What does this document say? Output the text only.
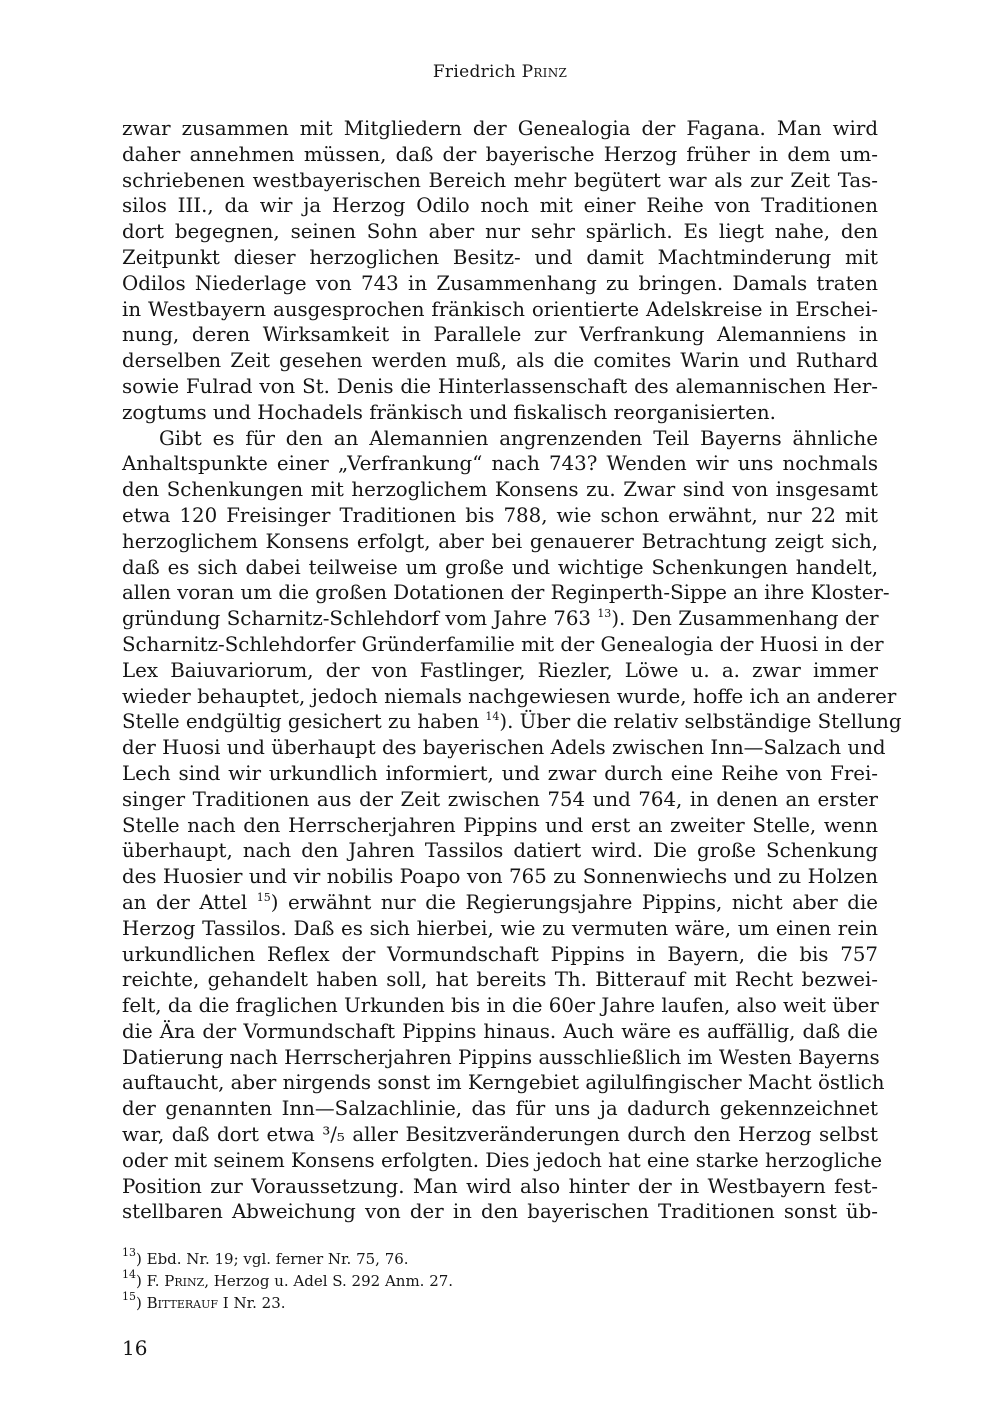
Friedrich Prinz
zwar zusammen mit Mitgliedern der Genealogia der Fagana. Man wird
daher annehmen müssen, daß der bayerische Herzog früher in dem um-
schriebenen westbayerischen Bereich mehr begütert war als zur Zeit Tas-
silos III., da wir ja Herzog Odilo noch mit einer Reihe von Traditionen
dort begegnen, seinen Sohn aber nur sehr spärlich. Es liegt nahe, den
Zeitpunkt dieser herzoglichen Besitz- und damit Machtminderung mit
Odilos Niederlage von 743 in Zusammenhang zu bringen. Damals traten
in Westbayern ausgesprochen fränkisch orientierte Adelskreise in Erschei-
nung, deren Wirksamkeit in Parallele zur Verfrankung Alemanniens in
derselben Zeit gesehen werden muß, als die comites Warin und Ruthard
sowie Fulrad von St. Denis die Hinterlassenschaft des alemannischen Her-
zogtums und Hochadels fränkisch und fiskalisch reorganisierten.
Gibt es für den an Alemannien angrenzenden Teil Bayerns ähnliche
Anhaltspunkte einer „Verfrankung“ nach 743? Wenden wir uns nochmals
den Schenkungen mit herzoglichem Konsens zu. Zwar sind von insgesamt
etwa 120 Freisinger Traditionen bis 788, wie schon erwähnt, nur 22 mit
herzoglichem Konsens erfolgt, aber bei genauerer Betrachtung zeigt sich,
daß es sich dabei teilweise um große und wichtige Schenkungen handelt,
allen voran um die großen Dotationen der Reginperth-Sippe an ihre Kloster-
gründung Scharnitz-Schlehdorf vom Jahre 763 $^{13}$). Den Zusammenhang der
Scharnitz-Schlehdorfer Gründerfamilie mit der Genealogia der Huosi in der
Lex Baiuvariorum, der von Fastlinger, Riezler, Löwe u. a. zwar immer
wieder behauptet, jedoch niemals nachgewiesen wurde, hoffe ich an anderer
Stelle endgültig gesichert zu haben $^{14}$). Über die relativ selbständige Stellung
der Huosi und überhaupt des bayerischen Adels zwischen Inn—Salzach und
Lech sind wir urkundlich informiert, und zwar durch eine Reihe von Frei-
singer Traditionen aus der Zeit zwischen 754 und 764, in denen an erster
Stelle nach den Herrscherjahren Pippins und erst an zweiter Stelle, wenn
überhaupt, nach den Jahren Tassilos datiert wird. Die große Schenkung
des Huosier und vir nobilis Poapo von 765 zu Sonnenwiechs und zu Holzen
an der Attel $^{15}$) erwähnt nur die Regierungsjahre Pippins, nicht aber die
Herzog Tassilos. Daß es sich hierbei, wie zu vermuten wäre, um einen rein
urkundlichen Reflex der Vormundschaft Pippins in Bayern, die bis 757
reichte, gehandelt haben soll, hat bereits Th. Bitterauf mit Recht bezwei-
felt, da die fraglichen Urkunden bis in die 60er Jahre laufen, also weit über
die Ära der Vormundschaft Pippins hinaus. Auch wäre es auffällig, daß die
Datierung nach Herrscherjahren Pippins ausschließlich im Westen Bayerns
auftaucht, aber nirgends sonst im Kerngebiet agilulfingischer Macht östlich
der genannten Inn—Salzachlinie, das für uns ja dadurch gekennzeichnet
war, daß dort etwa ³/₅ aller Besitzveränderungen durch den Herzog selbst
oder mit seinem Konsens erfolgten. Dies jedoch hat eine starke herzogliche
Position zur Voraussetzung. Man wird also hinter der in Westbayern fest-
stellbaren Abweichung von der in den bayerischen Traditionen sonst üb-
$^{13}$) Ebd. Nr. 19; vgl. ferner Nr. 75, 76.
$^{14}$) F. Prinz, Herzog u. Adel S. 292 Anm. 27.
$^{15}$) Bitterauf I Nr. 23.
16
